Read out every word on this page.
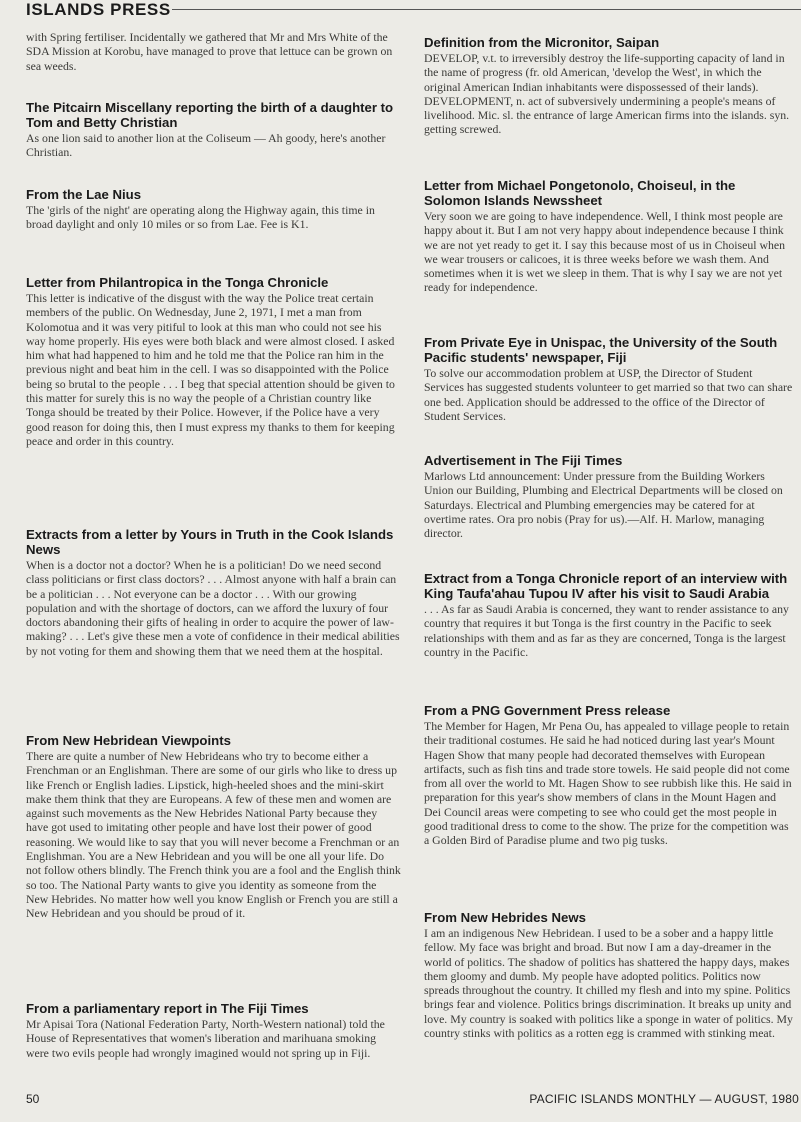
ISLANDS PRESS

with Spring fertiliser. Incidentally we gathered that Mr and Mrs White of the SDA Mission at Korobu, have managed to prove that lettuce can be grown on sea weeds.

The Pitcairn Miscellany reporting the birth of a daughter to Tom and Betty Christian

As one lion said to another lion at the Coliseum — Ah goody, here's another Christian.

From the Lae Nius

The 'girls of the night' are operating along the Highway again, this time in broad daylight and only 10 miles or so from Lae. Fee is K1.

Letter from Philantropica in the Tonga Chronicle

This letter is indicative of the disgust with the way the Police treat certain members of the public. On Wednesday, June 2, 1971, I met a man from Kolomotua and it was very pitiful to look at this man who could not see his way home properly. His eyes were both black and were almost closed. I asked him what had happened to him and he told me that the Police ran him in the previous night and beat him in the cell. I was so disappointed with the Police being so brutal to the people . . . I beg that special attention should be given to this matter for surely this is no way the people of a Christian country like Tonga should be treated by their Police. However, if the Police have a very good reason for doing this, then I must express my thanks to them for keeping peace and order in this country.

Extracts from a letter by Yours in Truth in the Cook Islands News

When is a doctor not a doctor? When he is a politician! Do we need second class politicians or first class doctors? . . . Almost anyone with half a brain can be a politician . . . Not everyone can be a doctor . . . With our growing population and with the shortage of doctors, can we afford the luxury of four doctors abandoning their gifts of healing in order to acquire the power of law-making? . . . Let's give these men a vote of confidence in their medical abilities by not voting for them and showing them that we need them at the hospital.

From New Hebridean Viewpoints

There are quite a number of New Hebrideans who try to become either a Frenchman or an Englishman. There are some of our girls who like to dress up like French or English ladies. Lipstick, high-heeled shoes and the mini-skirt make them think that they are Europeans. A few of these men and women are against such movements as the New Hebrides National Party because they have got used to imitating other people and have lost their power of good reasoning. We would like to say that you will never become a Frenchman or an Englishman. You are a New Hebridean and you will be one all your life. Do not follow others blindly. The French think you are a fool and the English think so too. The National Party wants to give you identity as someone from the New Hebrides. No matter how well you know English or French you are still a New Hebridean and you should be proud of it.

From a parliamentary report in The Fiji Times

Mr Apisai Tora (National Federation Party, North-Western national) told the House of Representatives that women's liberation and marihuana smoking were two evils people had wrongly imagined would not spring up in Fiji.

Definition from the Micronitor, Saipan

DEVELOP, v.t. to irreversibly destroy the life-supporting capacity of land in the name of progress (fr. old American, 'develop the West', in which the original American Indian inhabitants were dispossessed of their lands). DEVELOPMENT, n. act of subversively undermining a people's means of livelihood. Mic. sl. the entrance of large American firms into the islands. syn. getting screwed.

Letter from Michael Pongetonolo, Choiseul, in the Solomon Islands Newssheet

Very soon we are going to have independence. Well, I think most people are happy about it. But I am not very happy about independence because I think we are not yet ready to get it. I say this because most of us in Choiseul when we wear trousers or calicoes, it is three weeks before we wash them. And sometimes when it is wet we sleep in them. That is why I say we are not yet ready for independence.

From Private Eye in Unispac, the University of the South Pacific students' newspaper, Fiji

To solve our accommodation problem at USP, the Director of Student Services has suggested students volunteer to get married so that two can share one bed. Application should be addressed to the office of the Director of Student Services.

Advertisement in The Fiji Times

Marlows Ltd announcement: Under pressure from the Building Workers Union our Building, Plumbing and Electrical Departments will be closed on Saturdays. Electrical and Plumbing emergencies may be catered for at overtime rates. Ora pro nobis (Pray for us).—Alf. H. Marlow, managing director.

Extract from a Tonga Chronicle report of an interview with King Taufa'ahau Tupou IV after his visit to Saudi Arabia

. . . As far as Saudi Arabia is concerned, they want to render assistance to any country that requires it but Tonga is the first country in the Pacific to seek relationships with them and as far as they are concerned, Tonga is the largest country in the Pacific.

From a PNG Government Press release

The Member for Hagen, Mr Pena Ou, has appealed to village people to retain their traditional costumes. He said he had noticed during last year's Mount Hagen Show that many people had decorated themselves with European artifacts, such as fish tins and trade store towels. He said people did not come from all over the world to Mt. Hagen Show to see rubbish like this. He said in preparation for this year's show members of clans in the Mount Hagen and Dei Council areas were competing to see who could get the most people in good traditional dress to come to the show. The prize for the competition was a Golden Bird of Paradise plume and two pig tusks.

From New Hebrides News

I am an indigenous New Hebridean. I used to be a sober and a happy little fellow. My face was bright and broad. But now I am a day-dreamer in the world of politics. The shadow of politics has shattered the happy days, makes them gloomy and dumb. My people have adopted politics. Politics now spreads throughout the country. It chilled my flesh and into my spine. Politics brings fear and violence. Politics brings discrimination. It breaks up unity and love. My country is soaked with politics like a sponge in water of politics. My country stinks with politics as a rotten egg is crammed with stinking meat.

50	PACIFIC ISLANDS MONTHLY — AUGUST, 1980
